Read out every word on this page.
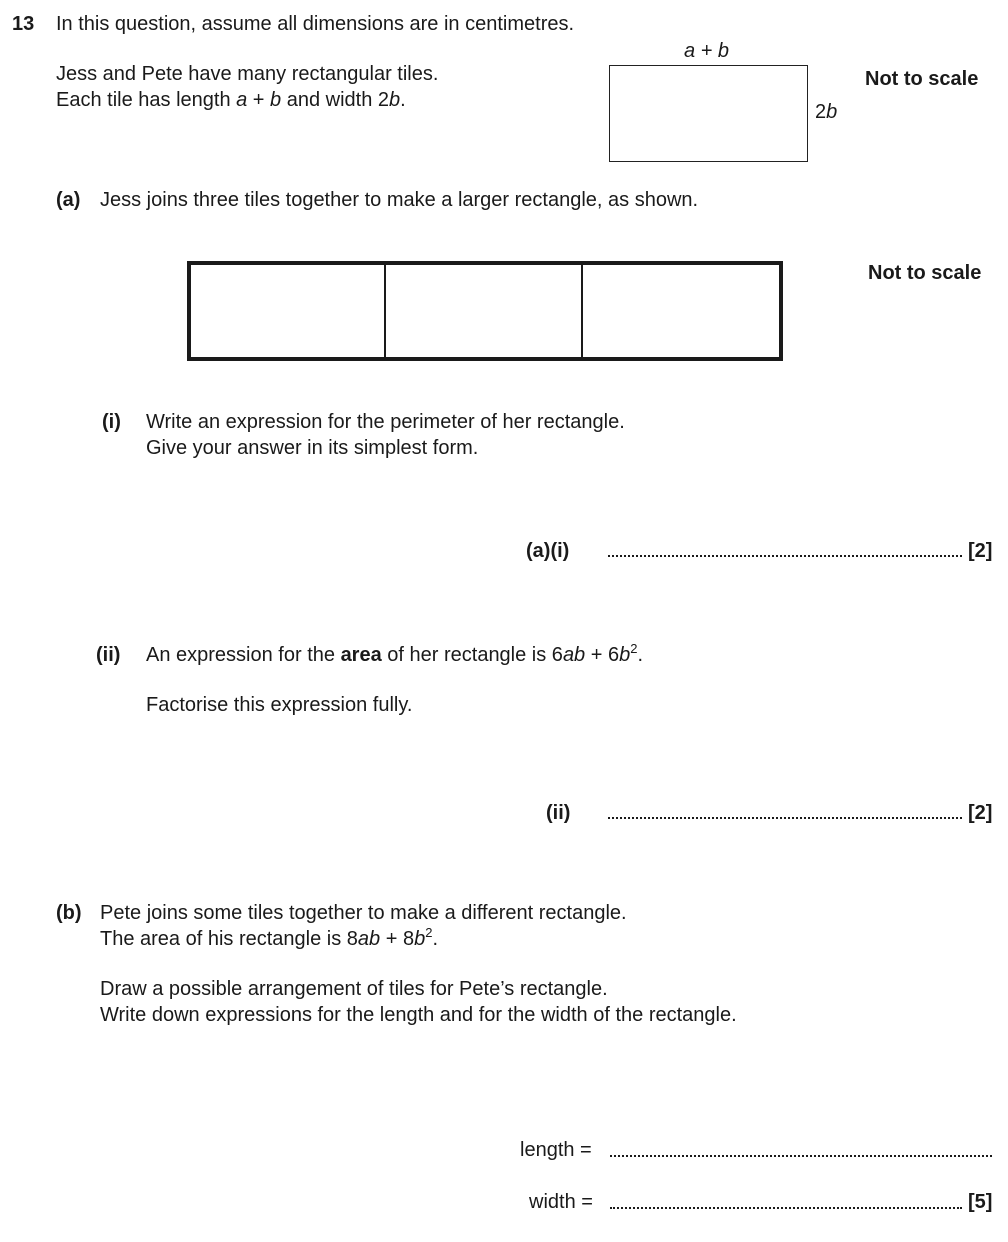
13 In this question, assume all dimensions are in centimetres.
Jess and Pete have many rectangular tiles.
Each tile has length a + b and width 2b.
a + b
2b
Not to scale
(a) Jess joins three tiles together to make a larger rectangle, as shown.
Not to scale
(i) Write an expression for the perimeter of her rectangle.
Give your answer in its simplest form.
(a)(i)	[2]
(ii) An expression for the area of her rectangle is $6ab + 6b^2$.
Factorise this expression fully.
(ii)	[2]
(b) Pete joins some tiles together to make a different rectangle.
The area of his rectangle is $8ab + 8b^2$.
Draw a possible arrangement of tiles for Pete’s rectangle.
Write down expressions for the length and for the width of the rectangle.
length =
width =	[5]
